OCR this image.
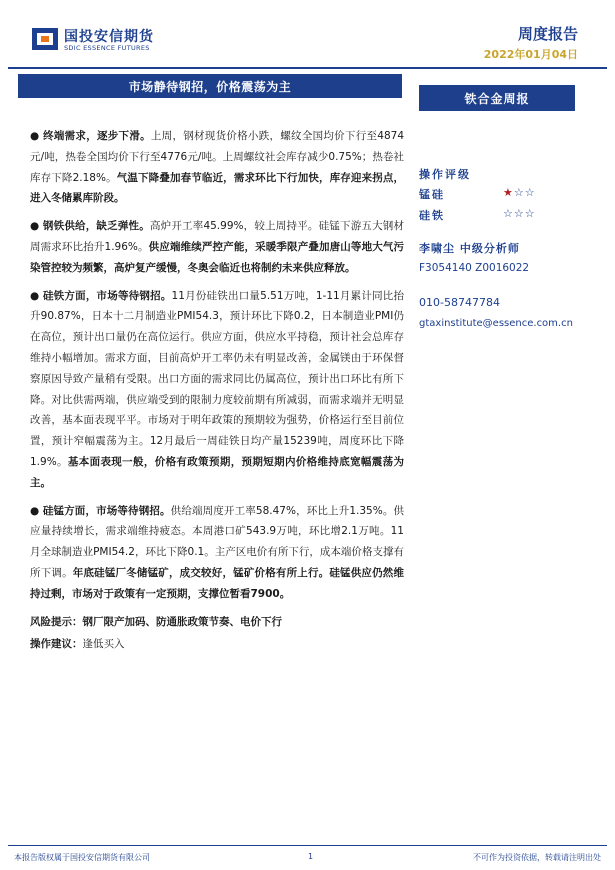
国投安信期货
SDIC ESSENCE FUTURES
周度报告
2022年01月04日
市场静待钢招，价格震荡为主
铁合金周报

● 终端需求，逐步下滑。上周，钢材现货价格小跌，螺纹全国均价下行至4874元/吨，热卷全国均价下行至4776元/吨。上周螺纹社会库存减少0.75%；热卷社库存下降2.18%。气温下降叠加春节临近，需求环比下行加快，库存迎来拐点，进入冬储累库阶段。

● 钢铁供给，缺乏弹性。高炉开工率45.99%，较上周持平。硅锰下游五大钢材周需求环比抬升1.96%。供应端维续严控产能，采暖季限产叠加唐山等地大气污染管控较为频繁，高炉复产缓慢，冬奥会临近也将制约未来供应释放。

● 硅铁方面，市场等待钢招。11月份硅铁出口量5.51万吨，1-11月累计同比抬升90.87%，日本十二月制造业PMI54.3，预计环比下降0.2，日本制造业PMI仍在高位，预计出口量仍在高位运行。供应方面，供应水平持稳，预计社会总库存维持小幅增加。需求方面，目前高炉开工率仍未有明显改善，金属镁由于环保督察原因导致产量稍有受限。出口方面的需求同比仍属高位，预计出口环比有所下降。对比供需两端，供应端受到的限制力度较前期有所减弱，而需求端并无明显改善，基本面表现平平。市场对于明年政策的预期较为强势，价格运行至目前位置，预计窄幅震荡为主。12月最后一周硅铁日均产量15239吨，周度环比下降1.9%。基本面表现一般，价格有政策预期，预期短期内价格维持底宽幅震荡为主。

● 硅锰方面，市场等待钢招。供给端周度开工率58.47%，环比上升1.35%。供应量持续增长，需求端维持疲态。本周港口矿543.9万吨，环比增2.1万吨。11月全球制造业PMI54.2，环比下降0.1。主产区电价有所下行，成本端价格支撑有所下调。年底硅锰厂冬储锰矿，成交较好，锰矿价格有所上行。硅锰供应仍然维持过剩，市场对于政策有一定预期，支撑位暂看7900。

风险提示：钢厂限产加码、防通胀政策节奏、电价下行

操作建议：逢低买入

操作评级
锰硅	★☆☆
硅铁	☆☆☆
李啸尘 中级分析师
F3054140 Z0016022
010-58747784
gtaxinstitute@essence.com.cn
本报告版权属于国投安信期货有限公司	1	不可作为投资依据，转载请注明出处
